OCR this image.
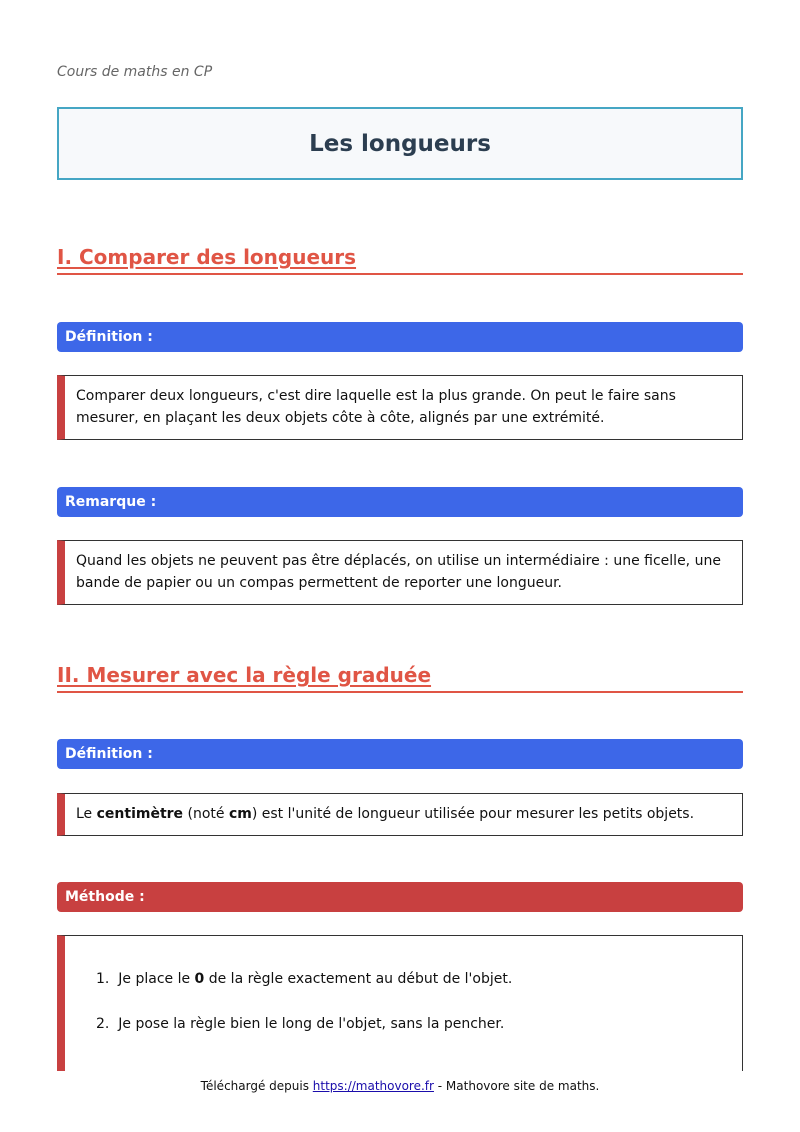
Cours de maths en CP
Les longueurs
I. Comparer des longueurs
Définition :
Comparer deux longueurs, c'est dire laquelle est la plus grande. On peut le faire sans mesurer, en plaçant les deux objets côte à côte, alignés par une extrémité.
Remarque :
Quand les objets ne peuvent pas être déplacés, on utilise un intermédiaire : une ficelle, une bande de papier ou un compas permettent de reporter une longueur.
II. Mesurer avec la règle graduée
Définition :
Le centimètre (noté cm) est l'unité de longueur utilisée pour mesurer les petits objets.
Méthode :
1. Je place le 0 de la règle exactement au début de l'objet.
2. Je pose la règle bien le long de l'objet, sans la pencher.
Téléchargé depuis https://mathovore.fr - Mathovore site de maths.
